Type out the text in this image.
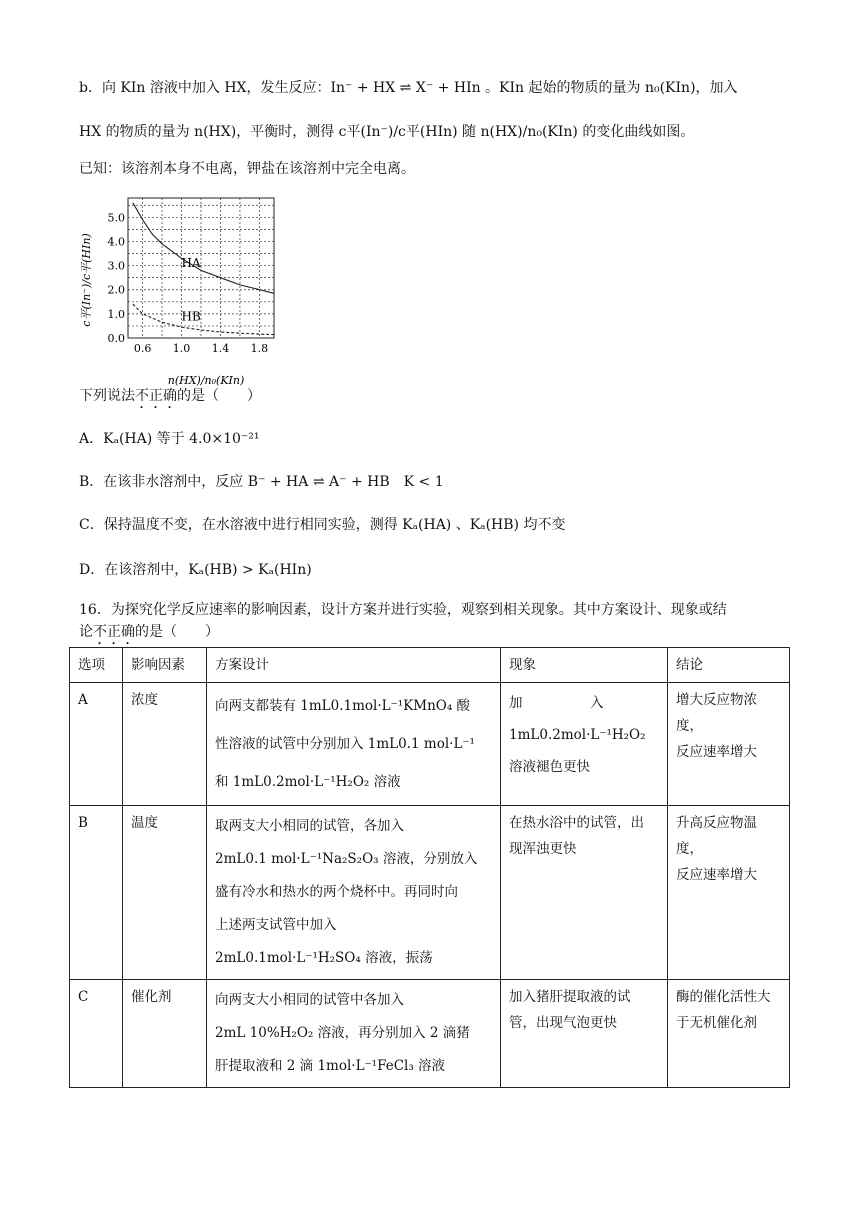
b．向 KIn 溶液中加入 HX，发生反应：In⁻ + HX ⇌ X⁻ + HIn 。KIn 起始的物质的量为 n₀(KIn)，加入
HX 的物质的量为 n(HX)，平衡时，测得 c平(In⁻)/c平(HIn) 随 n(HX)/n₀(KIn) 的变化曲线如图。
已知：该溶剂本身不电离，钾盐在该溶剂中完全电离。
HA
HB
0.6 1.0 1.4 1.8
0.0
1.0
2.0
3.0
4.0
5.0
c平(In⁻)/c平(HIn)
n(HX)/n₀(KIn)
下列说法不正确的是（　　）
A．Kₐ(HA) 等于 4.0×10⁻²¹
B．在该非水溶剂中，反应 B⁻ + HA ⇌ A⁻ + HB　K < 1
C．保持温度不变，在水溶液中进行相同实验，测得 Kₐ(HA) 、Kₐ(HB) 均不变
D．在该溶剂中，Kₐ(HB) > Kₐ(HIn)
16．为探究化学反应速率的影响因素，设计方案并进行实验，观察到相关现象。其中方案设计、现象或结
论不正确的是（　　）
选项	影响因素	方案设计	现象	结论
A	浓度	向两支都装有 1mL0.1mol·L⁻¹KMnO₄ 酸
性溶液的试管中分别加入 1mL0.1 mol·L⁻¹
和 1mL0.2mol·L⁻¹H₂O₂ 溶液	加　　　　　入
1mL0.2mol·L⁻¹H₂O₂
溶液褪色更快	增大反应物浓度，
反应速率增大

B	温度	取两支大小相同的试管，各加入
2mL0.1 mol·L⁻¹Na₂S₂O₃ 溶液，分别放入
盛有冷水和热水的两个烧杯中。再同时向
上述两支试管中加入
2mL0.1mol·L⁻¹H₂SO₄ 溶液，振荡	在热水浴中的试管，出
现浑浊更快	升高反应物温度，
反应速率增大

C	催化剂	向两支大小相同的试管中各加入
2mL 10%H₂O₂ 溶液，再分别加入 2 滴猪
肝提取液和 2 滴 1mol·L⁻¹FeCl₃ 溶液	加入猪肝提取液的试
管，出现气泡更快	酶的催化活性大
于无机催化剂
